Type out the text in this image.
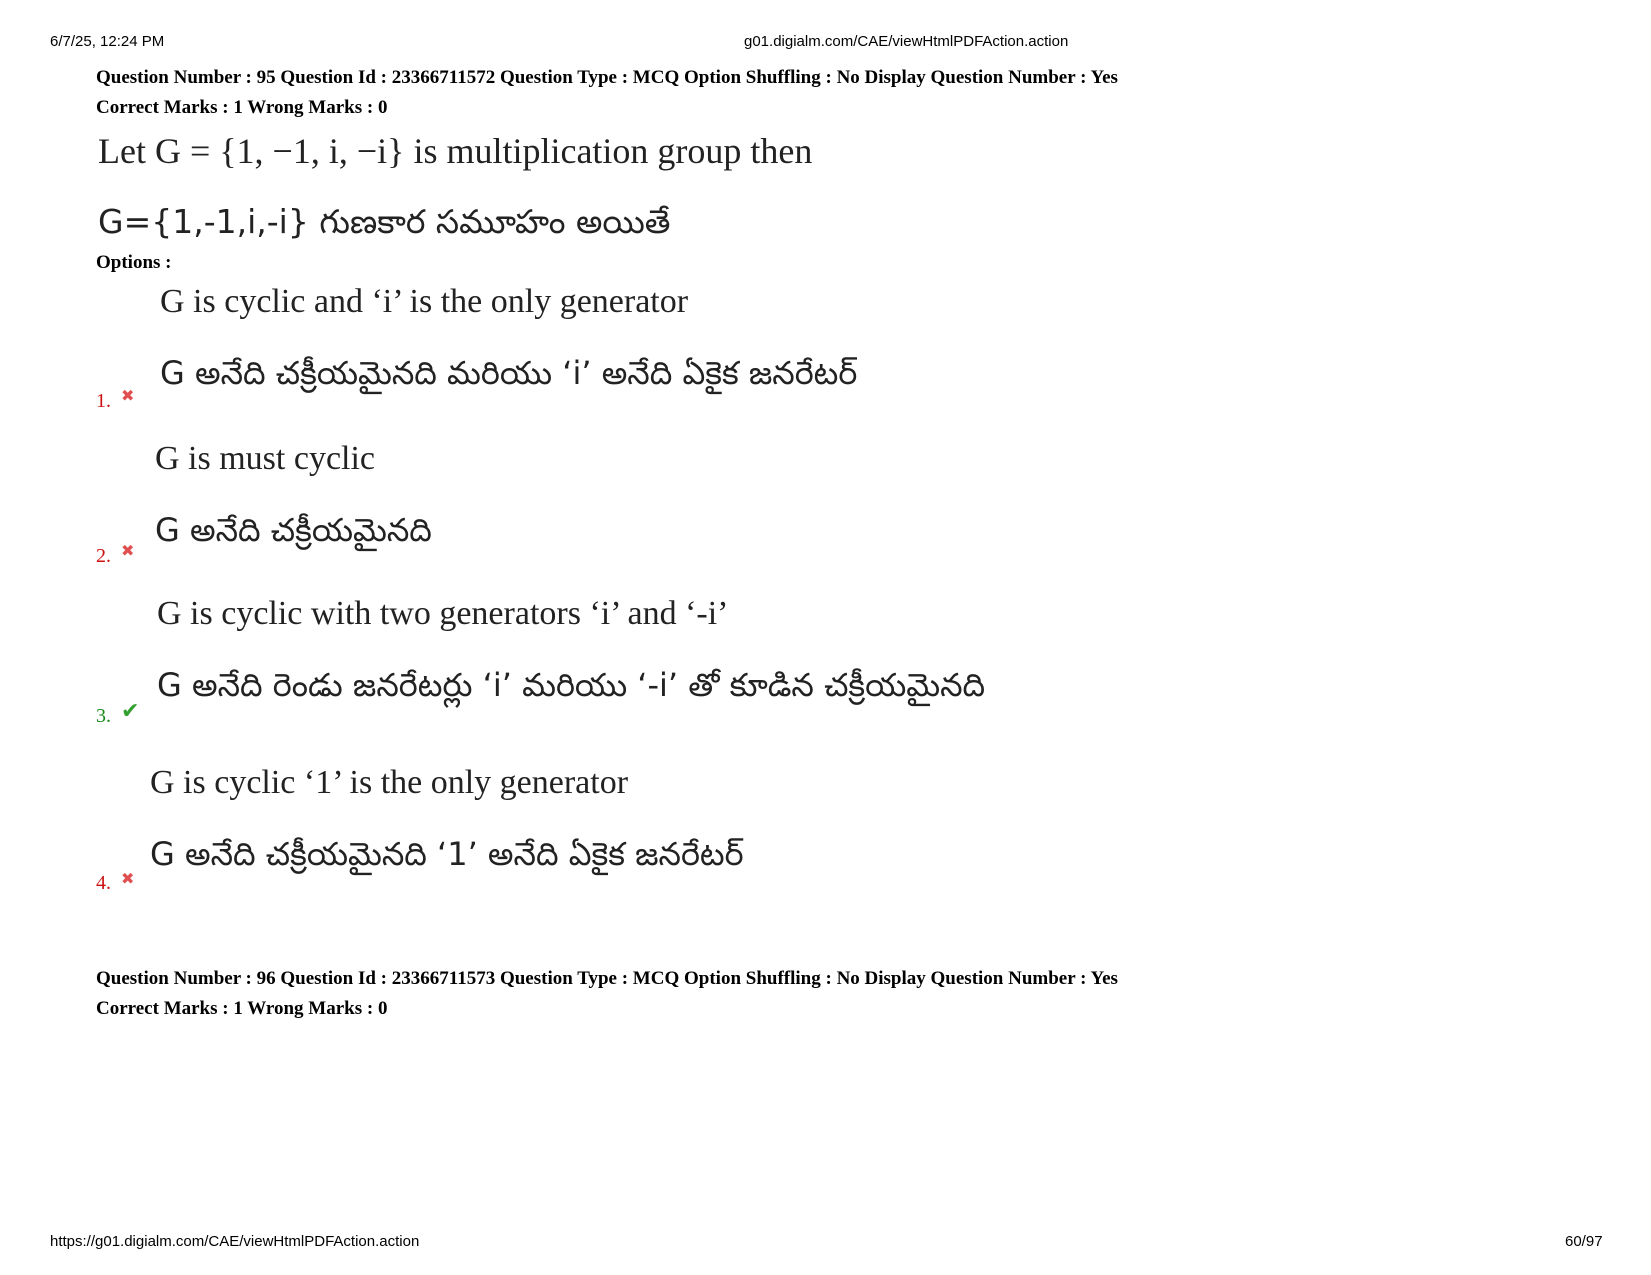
6/7/25, 12:24 PM	g01.digialm.com/CAE/viewHtmlPDFAction.action
Question Number : 95 Question Id : 23366711572 Question Type : MCQ Option Shuffling : No Display Question Number : Yes
Correct Marks : 1 Wrong Marks : 0
Let G = {1, −1, i, −i} is multiplication group then
G={1,-1,i,-i} గుణకార సమూహం అయితే
Options :
G is cyclic and ‘i’ is the only generator
G అనేది చక్రీయమైనది మరియు ‘i’ అనేది ఏకైక జనరేటర్
1. ✖
G is must cyclic
G అనేది చక్రీయమైనది
2. ✖
G is cyclic with two generators ‘i’ and ‘-i’
G అనేది రెండు జనరేటర్లు ‘i’ మరియు ‘-i’ తో కూడిన చక్రీయమైనది
3. ✔
G is cyclic ‘1’ is the only generator
G అనేది చక్రీయమైనది ‘1’ అనేది ఏకైక జనరేటర్
4. ✖
Question Number : 96 Question Id : 23366711573 Question Type : MCQ Option Shuffling : No Display Question Number : Yes
Correct Marks : 1 Wrong Marks : 0
https://g01.digialm.com/CAE/viewHtmlPDFAction.action	60/97
